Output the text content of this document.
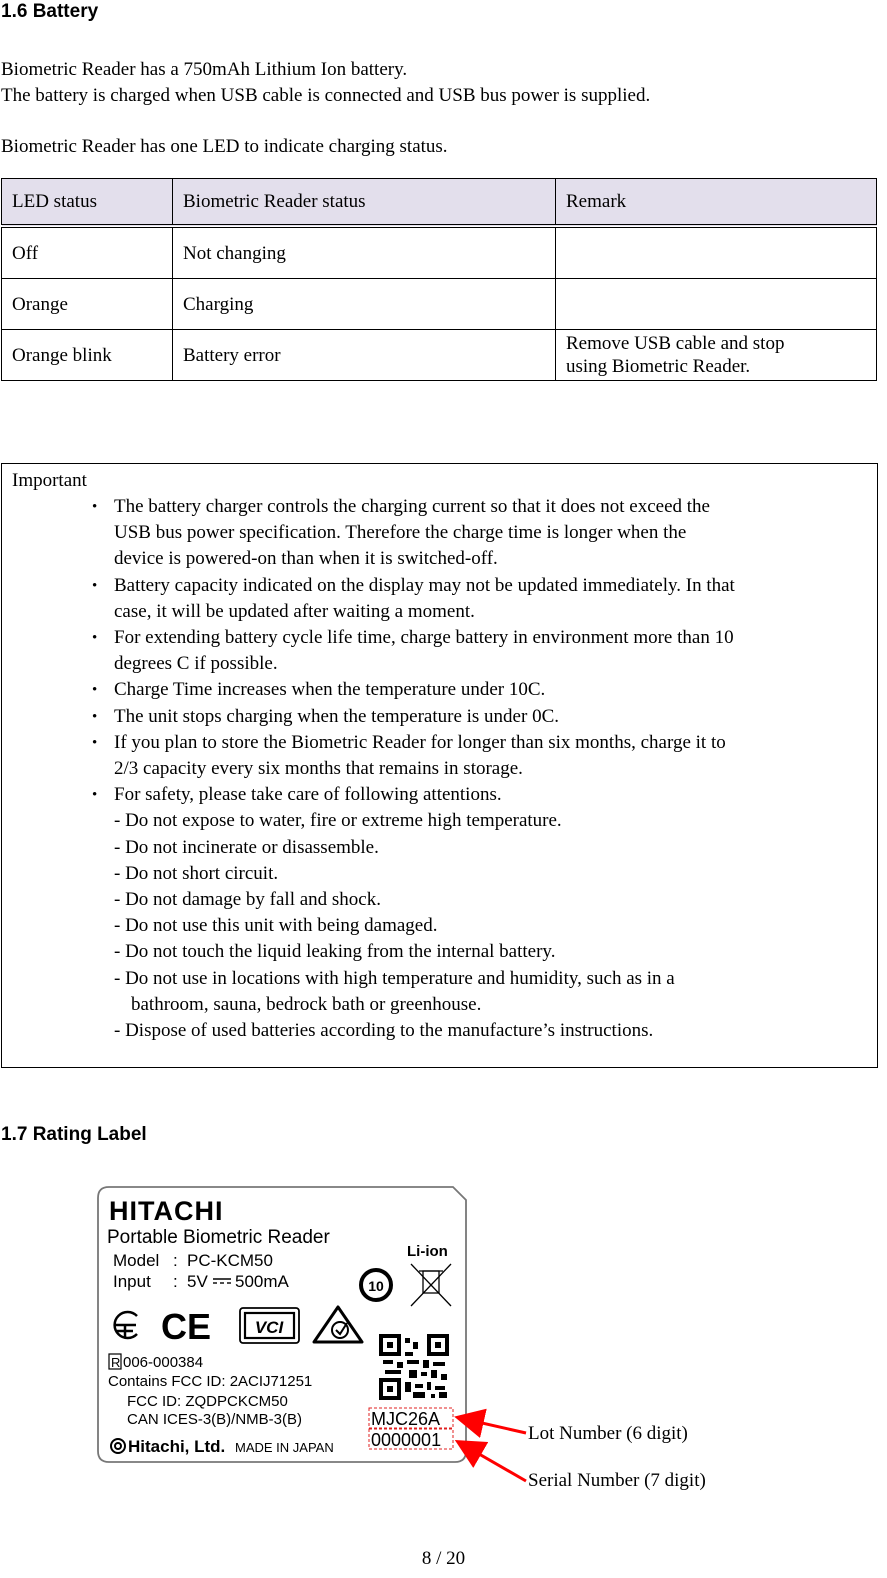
1.6 Battery
Biometric Reader has a 750mAh Lithium Ion battery.
The battery is charged when USB cable is connected and USB bus power is supplied.
Biometric Reader has one LED to indicate charging status.
LED status	Biometric Reader status	Remark
Off	Not changing	
Orange	Charging	
Orange blink	Battery error	Remove USB cable and stop
using Biometric Reader.
Important
• The battery charger controls the charging current so that it does not exceed the
USB bus power specification. Therefore the charge time is longer when the
device is powered-on than when it is switched-off.
• Battery capacity indicated on the display may not be updated immediately. In that
case, it will be updated after waiting a moment.
• For extending battery cycle life time, charge battery in environment more than 10
degrees C if possible.
• Charge Time increases when the temperature under 10C.
• The unit stops charging when the temperature is under 0C.
• If you plan to store the Biometric Reader for longer than six months, charge it to
2/3 capacity every six months that remains in storage.
• For safety, please take care of following attentions.
- Do not expose to water, fire or extreme high temperature.
- Do not incinerate or disassemble.
- Do not short circuit.
- Do not damage by fall and shock.
- Do not use this unit with being damaged.
- Do not touch the liquid leaking from the internal battery.
- Do not use in locations with high temperature and humidity, such as in a
bathroom, sauna, bedrock bath or greenhouse.
- Dispose of used batteries according to the manufacture’s instructions.
1.7 Rating Label
HITACHI
Portable Biometric Reader
Model : PC-KCM50
Input : 5V 500mA
Li-ion
10
CE	VCI
R 006-000384
Contains FCC ID: 2ACIJ71251
FCC ID: ZQDPCKCM50
CAN ICES-3(B)/NMB-3(B)
Hitachi, Ltd. MADE IN JAPAN
MJC26A
0000001	Lot Number (6 digit)
Serial Number (7 digit)
8 / 20
